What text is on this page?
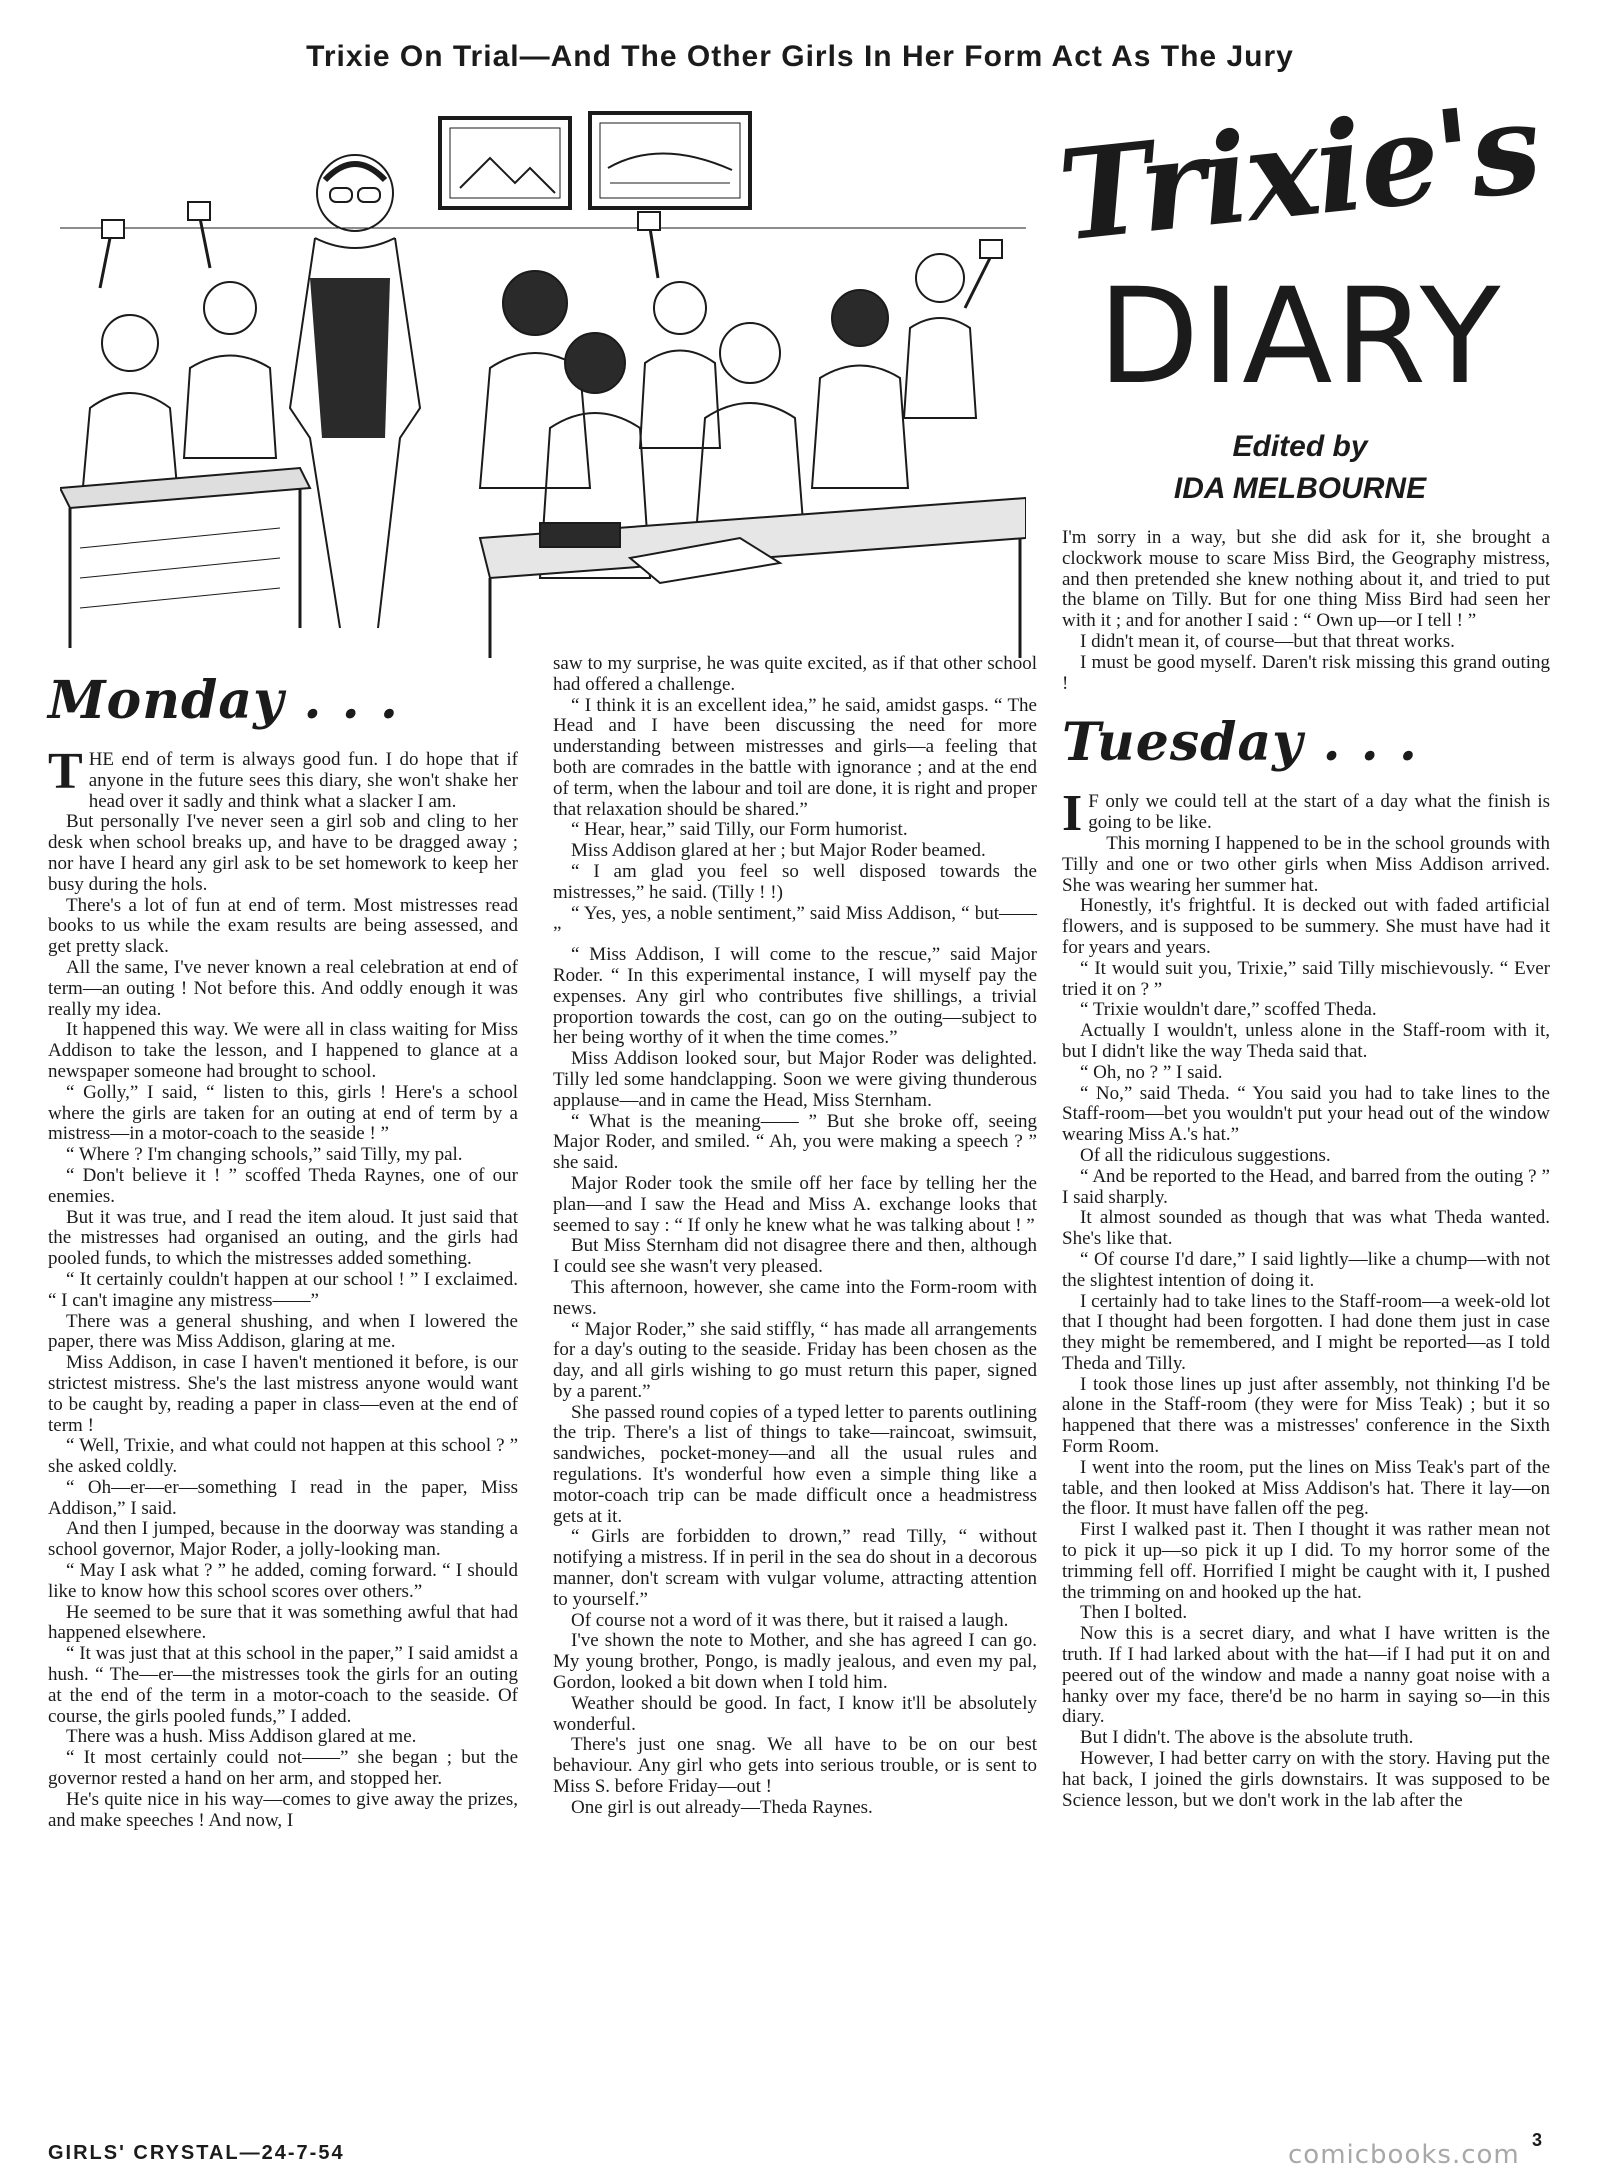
Trixie On Trial—And The Other Girls In Her Form Act As The Jury
Trixie's
DIARY
Edited by
IDA MELBOURNE
Monday . . .

THE end of term is always good fun. I do hope that if anyone in the future sees this diary, she won't shake her head over it sadly and think what a slacker I am.

But personally I've never seen a girl sob and cling to her desk when school breaks up, and have to be dragged away ; nor have I heard any girl ask to be set homework to keep her busy during the hols.

There's a lot of fun at end of term. Most mistresses read books to us while the exam results are being assessed, and get pretty slack.

All the same, I've never known a real celebration at end of term—an outing ! Not before this. And oddly enough it was really my idea.

It happened this way. We were all in class waiting for Miss Addison to take the lesson, and I happened to glance at a newspaper someone had brought to school.

“ Golly,” I said, “ listen to this, girls ! Here's a school where the girls are taken for an outing at end of term by a mistress—in a motor-coach to the seaside ! ”

“ Where ? I'm changing schools,” said Tilly, my pal.

“ Don't believe it ! ” scoffed Theda Raynes, one of our enemies.

But it was true, and I read the item aloud. It just said that the mistresses had organised an outing, and the girls had pooled funds, to which the mistresses added something.

“ It certainly couldn't happen at our school ! ” I exclaimed. “ I can't imagine any mistress——”

There was a general shushing, and when I lowered the paper, there was Miss Addison, glaring at me.

Miss Addison, in case I haven't mentioned it before, is our strictest mistress. She's the last mistress anyone would want to be caught by, reading a paper in class—even at the end of term !

“ Well, Trixie, and what could not happen at this school ? ” she asked coldly.

“ Oh—er—er—something I read in the paper, Miss Addison,” I said.

And then I jumped, because in the doorway was standing a school governor, Major Roder, a jolly-looking man.

“ May I ask what ? ” he added, coming forward. “ I should like to know how this school scores over others.”

He seemed to be sure that it was something awful that had happened elsewhere.

“ It was just that at this school in the paper,” I said amidst a hush. “ The—er—the mistresses took the girls for an outing at the end of the term in a motor-coach to the seaside. Of course, the girls pooled funds,” I added.

There was a hush. Miss Addison glared at me.

“ It most certainly could not——” she began ; but the governor rested a hand on her arm, and stopped her.

He's quite nice in his way—comes to give away the prizes, and make speeches ! And now, I

saw to my surprise, he was quite excited, as if that other school had offered a challenge.

“ I think it is an excellent idea,” he said, amidst gasps. “ The Head and I have been discussing the need for more understanding between mistresses and girls—a feeling that both are comrades in the battle with ignorance ; and at the end of term, when the labour and toil are done, it is right and proper that relaxation should be shared.”

“ Hear, hear,” said Tilly, our Form humorist.

Miss Addison glared at her ; but Major Roder beamed.

“ I am glad you feel so well disposed towards the mistresses,” he said. (Tilly ! !)

“ Yes, yes, a noble sentiment,” said Miss Addison, “ but—— ”

“ Miss Addison, I will come to the rescue,” said Major Roder. “ In this experimental instance, I will myself pay the expenses. Any girl who contributes five shillings, a trivial proportion towards the cost, can go on the outing—subject to her being worthy of it when the time comes.”

Miss Addison looked sour, but Major Roder was delighted. Tilly led some handclapping. Soon we were giving thunderous applause—and in came the Head, Miss Sternham.

“ What is the meaning—— ” But she broke off, seeing Major Roder, and smiled. “ Ah, you were making a speech ? ” she said.

Major Roder took the smile off her face by telling her the plan—and I saw the Head and Miss A. exchange looks that seemed to say : “ If only he knew what he was talking about ! ”

But Miss Sternham did not disagree there and then, although I could see she wasn't very pleased.

This afternoon, however, she came into the Form-room with news.

“ Major Roder,” she said stiffly, “ has made all arrangements for a day's outing to the seaside. Friday has been chosen as the day, and all girls wishing to go must return this paper, signed by a parent.”

She passed round copies of a typed letter to parents outlining the trip. There's a list of things to take—raincoat, swimsuit, sandwiches, pocket-money—and all the usual rules and regulations. It's wonderful how even a simple thing like a motor-coach trip can be made difficult once a headmistress gets at it.

“ Girls are forbidden to drown,” read Tilly, “ without notifying a mistress. If in peril in the sea do shout in a decorous manner, don't scream with vulgar volume, attracting attention to yourself.”

Of course not a word of it was there, but it raised a laugh.

I've shown the note to Mother, and she has agreed I can go. My young brother, Pongo, is madly jealous, and even my pal, Gordon, looked a bit down when I told him.

Weather should be good. In fact, I know it'll be absolutely wonderful.

There's just one snag. We all have to be on our best behaviour. Any girl who gets into serious trouble, or is sent to Miss S. before Friday—out !

One girl is out already—Theda Raynes.

I'm sorry in a way, but she did ask for it, she brought a clockwork mouse to scare Miss Bird, the Geography mistress, and then pretended she knew nothing about it, and tried to put the blame on Tilly. But for one thing Miss Bird had seen her with it ; and for another I said : “ Own up—or I tell ! ”

I didn't mean it, of course—but that threat works.

I must be good myself. Daren't risk missing this grand outing !

Tuesday . . .

IF only we could tell at the start of a day what the finish is going to be like.

This morning I happened to be in the school grounds with Tilly and one or two other girls when Miss Addison arrived. She was wearing her summer hat.

Honestly, it's frightful. It is decked out with faded artificial flowers, and is supposed to be summery. She must have had it for years and years.

“ It would suit you, Trixie,” said Tilly mischievously. “ Ever tried it on ? ”

“ Trixie wouldn't dare,” scoffed Theda.

Actually I wouldn't, unless alone in the Staff-room with it, but I didn't like the way Theda said that.

“ Oh, no ? ” I said.

“ No,” said Theda. “ You said you had to take lines to the Staff-room—bet you wouldn't put your head out of the window wearing Miss A.'s hat.”

Of all the ridiculous suggestions.

“ And be reported to the Head, and barred from the outing ? ” I said sharply.

It almost sounded as though that was what Theda wanted. She's like that.

“ Of course I'd dare,” I said lightly—like a chump—with not the slightest intention of doing it.

I certainly had to take lines to the Staff-room—a week-old lot that I thought had been forgotten. I had done them just in case they might be remembered, and I might be reported—as I told Theda and Tilly.

I took those lines up just after assembly, not thinking I'd be alone in the Staff-room (they were for Miss Teak) ; but it so happened that there was a mistresses' conference in the Sixth Form Room.

I went into the room, put the lines on Miss Teak's part of the table, and then looked at Miss Addison's hat. There it lay—on the floor. It must have fallen off the peg.

First I walked past it. Then I thought it was rather mean not to pick it up—so pick it up I did. To my horror some of the trimming fell off. Horrified I might be caught with it, I pushed the trimming on and hooked up the hat.

Then I bolted.

Now this is a secret diary, and what I have written is the truth. If I had larked about with the hat—if I had put it on and peered out of the window and made a nanny goat noise with a hanky over my face, there'd be no harm in saying so—in this diary.

But I didn't. The above is the absolute truth.

However, I had better carry on with the story. Having put the hat back, I joined the girls downstairs. It was supposed to be Science lesson, but we don't work in the lab after the

GIRLS' CRYSTAL—24-7-54	comicbooks.com 3
